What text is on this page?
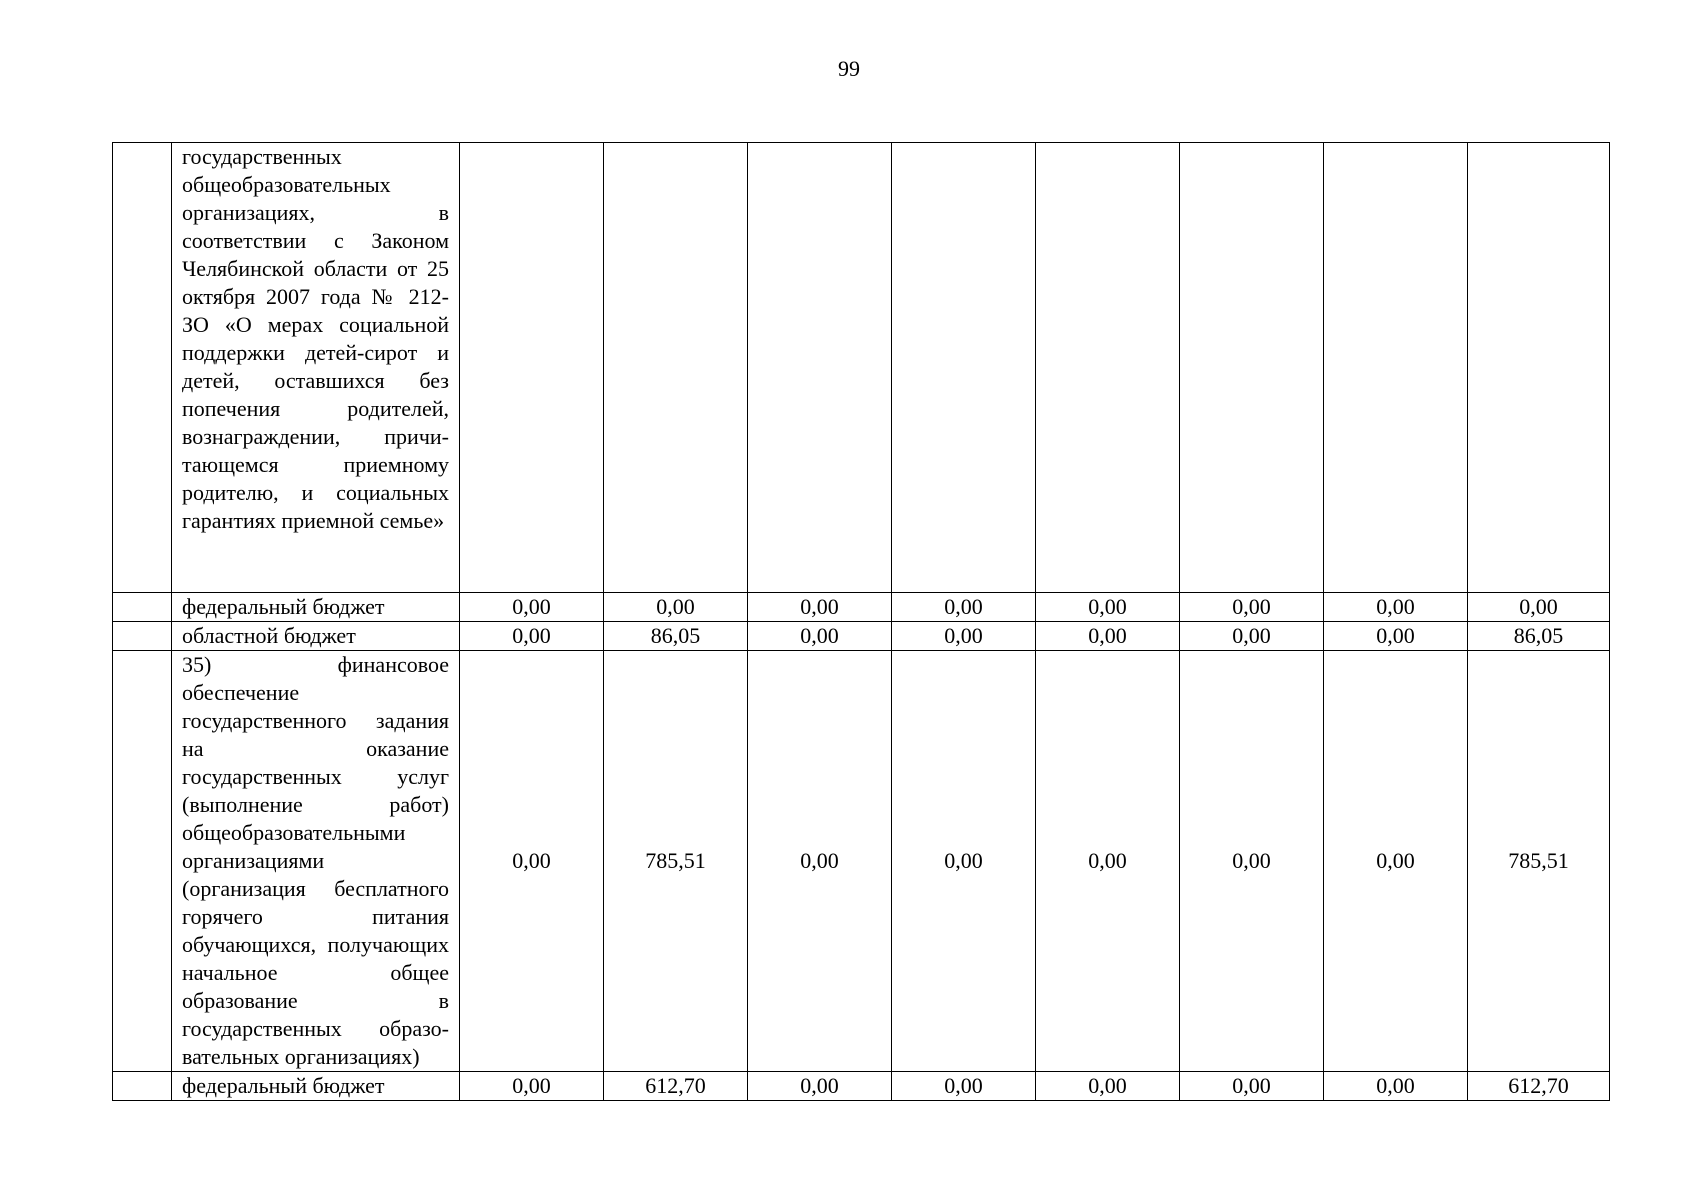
99
	государственных общеобразовательных организациях, в соответствии с Законом Челябинской области от 25 октября 2007 года № 212-ЗО «О мерах социальной поддержки детей-сирот и детей, оставшихся без попечения родителей, вознаграждении, причитающемся приемному родителю, и социальных гарантиях приемной семье»								
	федеральный бюджет	0,00	0,00	0,00	0,00	0,00	0,00	0,00	0,00
	областной бюджет	0,00	86,05	0,00	0,00	0,00	0,00	0,00	86,05
	35) финансовое обеспечение государственного задания на оказание государственных услуг (выполнение работ) общеобразовательными организациями (организация бесплатного горячего питания обучающихся, получающих начальное общее образование в государственных образовательных организациях)	0,00	785,51	0,00	0,00	0,00	0,00	0,00	785,51
	федеральный бюджет	0,00	612,70	0,00	0,00	0,00	0,00	0,00	612,70
